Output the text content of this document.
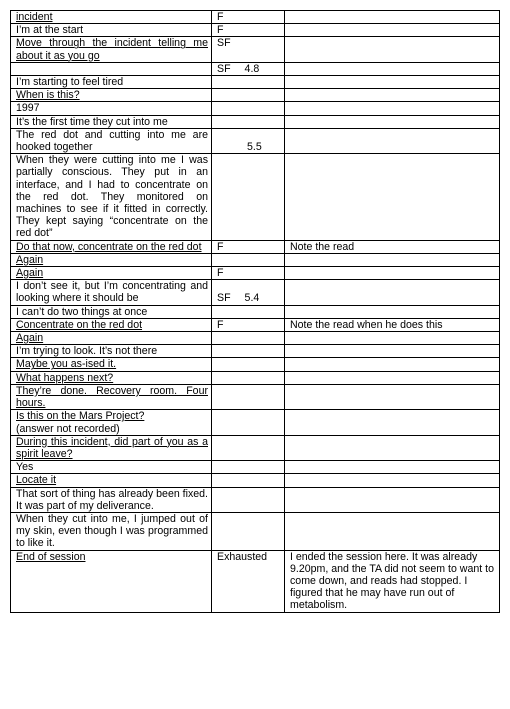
incident	F	
I’m at the start	F	
Move through the incident telling me about it as you go	SF	
	SF 4.8	
I’m starting to feel tired		
When is this?		
1997		
It’s the first time they cut into me		
The red dot and cutting into me are hooked together	5.5	
When they were cutting into me I was partially conscious. They put in an interface, and I had to concentrate on the red dot. They monitored on machines to see if it fitted in correctly. They kept saying “concentrate on the red dot”		
Do that now, concentrate on the red dot	F	Note the read
Again		
Again	F	
I don’t see it, but I’m concentrating and looking where it should be	SF 5.4	
I can’t do two things at once		
Concentrate on the red dot	F	Note the read when he does this
Again		
I’m trying to look. It’s not there		
Maybe you as-ised it.		
What happens next?		
They’re done. Recovery room. Four hours.		
Is this on the Mars Project?
(answer not recorded)		
During this incident, did part of you as a spirit leave?		
Yes		
Locate it		
That sort of thing has already been fixed. It was part of my deliverance.		
When they cut into me, I jumped out of my skin, even though I was programmed to like it.		
End of session	Exhausted	I ended the session here. It was already 9.20pm, and the TA did not seem to want to come down, and reads had stopped. I figured that he may have run out of metabolism.
